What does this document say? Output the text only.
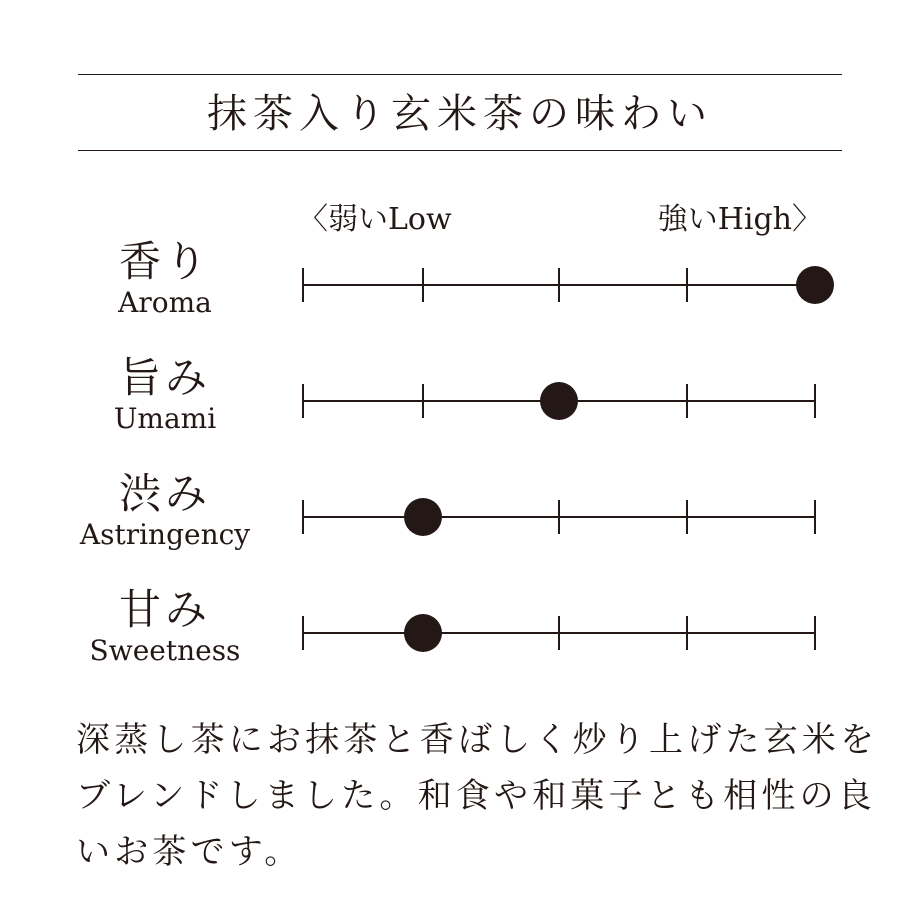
抹茶入り玄米茶の味わい
〈弱いLow	強いHigh〉
香り
Aroma
旨み
Umami
渋み
Astringency
甘み
Sweetness
深蒸し茶にお抹茶と香ばしく炒り上げた玄米を
ブレンドしました。和食や和菓子とも相性の良
いお茶です。
